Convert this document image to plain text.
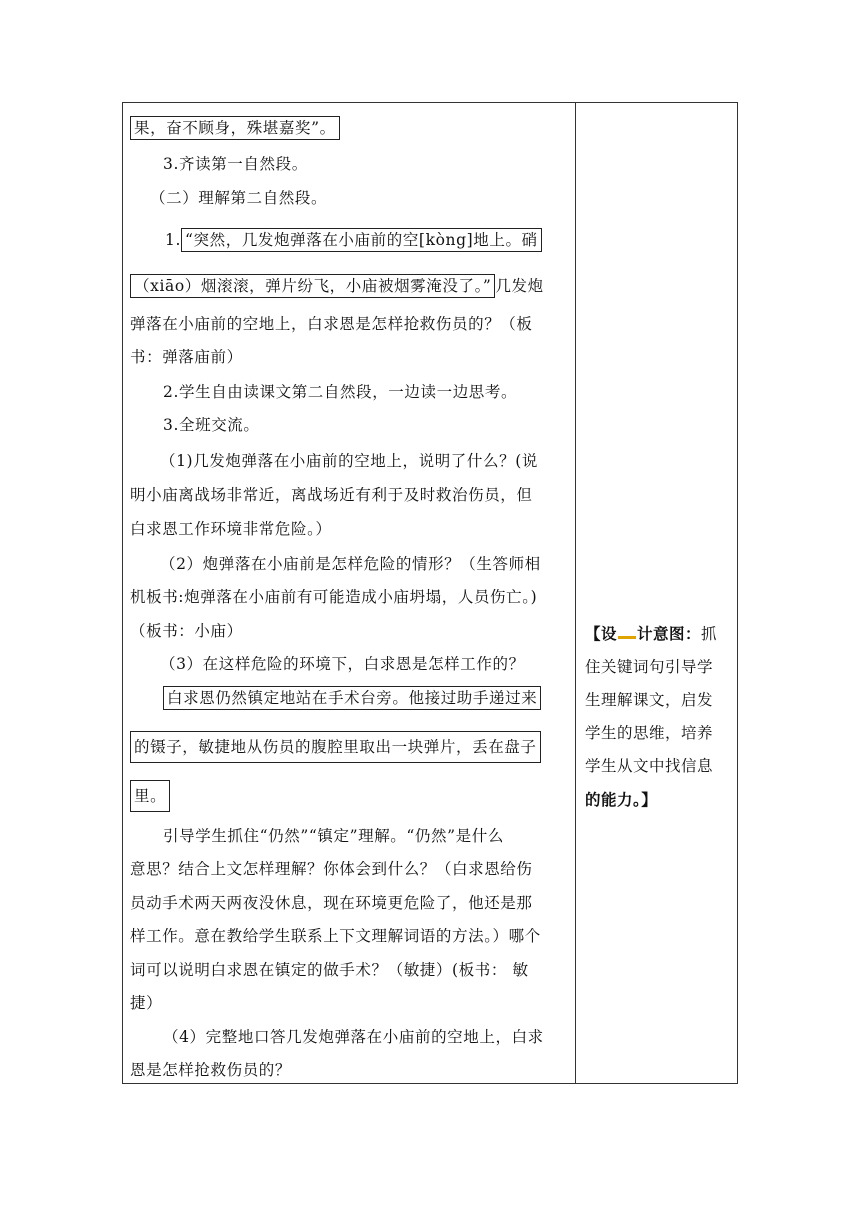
果，奋不顾身，殊堪嘉奖”。
3.齐读第一自然段。
（二）理解第二自然段。
1. “突然，几发炮弹落在小庙前的空[kòng]地上。硝
（xiāo）烟滚滚，弹片纷飞，小庙被烟雾淹没了。” 几发炮
弹落在小庙前的空地上，白求恩是怎样抢救伤员的？（板
书：弹落庙前）
2.学生自由读课文第二自然段，一边读一边思考。
3.全班交流。
（1)几发炮弹落在小庙前的空地上，说明了什么？(说
明小庙离战场非常近，离战场近有利于及时救治伤员，但
白求恩工作环境非常危险。）
（2）炮弹落在小庙前是怎样危险的情形？（生答师相
机板书:炮弹落在小庙前有可能造成小庙坍塌，人员伤亡。)
（板书：小庙）
（3）在这样危险的环境下，白求恩是怎样工作的？
白求恩仍然镇定地站在手术台旁。他接过助手递过来
的镊子，敏捷地从伤员的腹腔里取出一块弹片，丢在盘子
里。
引导学生抓住“仍然”“镇定”理解。“仍然”是什么
意思？结合上文怎样理解？你体会到什么？（白求恩给伤
员动手术两天两夜没休息，现在环境更危险了，他还是那
样工作。意在教给学生联系上下文理解词语的方法。）哪个
词可以说明白求恩在镇定的做手术？（敏捷）(板书： 敏
捷）
（4）完整地口答几发炮弹落在小庙前的空地上，白求
恩是怎样抢救伤员的？
【设 计意图：抓
住关键词句引导学
生理解课文，启发
学生的思维，培养
学生从文中找信息
的能力。】
